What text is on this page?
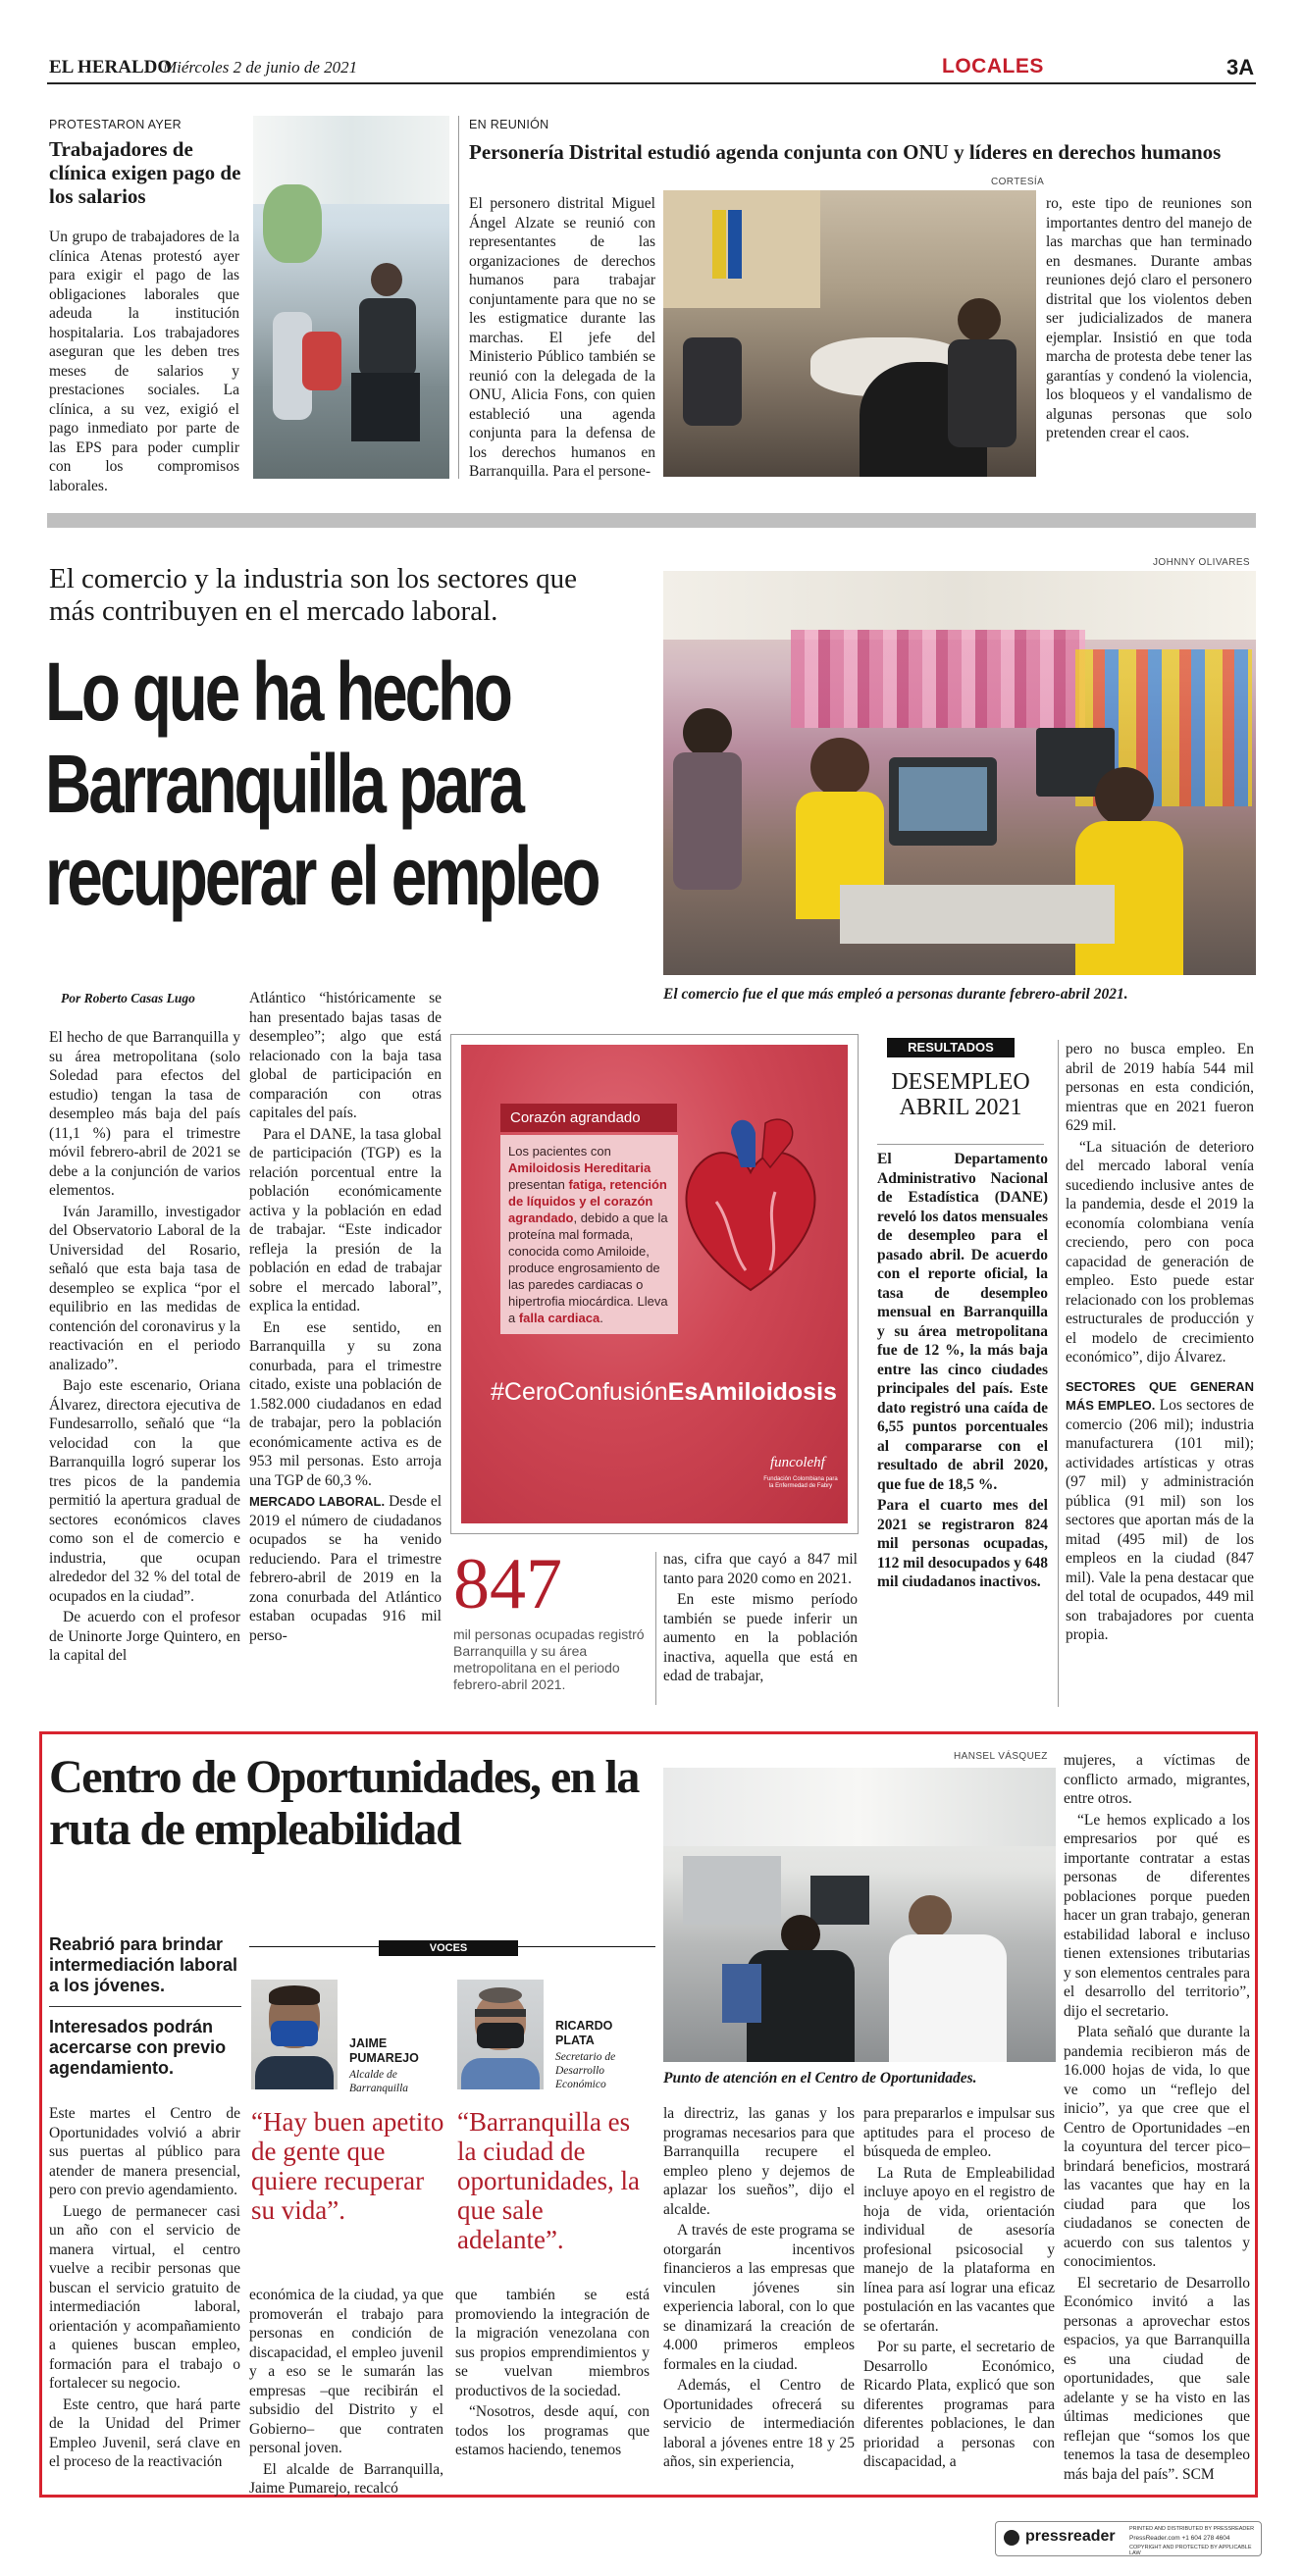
EL HERALDO
Miércoles 2 de junio de 2021	LOCALES	3A
PROTESTARON AYER
Trabajadores de clínica exigen pago de los salarios

Un grupo de trabajadores de la clínica Atenas protestó ayer para exigir el pago de las obligaciones laborales que adeuda la institución hospitalaria. Los trabajadores aseguran que les deben tres meses de salarios y prestaciones sociales. La clínica, a su vez, exigió el pago inmediato por parte de las EPS para poder cumplir con los compromisos laborales.

EN REUNIÓN
Personería Distrital estudió agenda conjunta con ONU y líderes en derechos humanos
CORTESÍA

El personero distrital Miguel Ángel Alzate se reunió con representantes de las organizaciones de derechos humanos para trabajar conjuntamente para que no se les estigmatice durante las marchas. El jefe del Ministerio Público también se reunió con la delegada de la ONU, Alicia Fons, con quien estableció una agenda conjunta para la defensa de los derechos humanos en Barranquilla. Para el persone-

ro, este tipo de reuniones son importantes dentro del manejo de las marchas que han terminado en desmanes. Durante ambas reuniones dejó claro el personero distrital que los violentos deben ser judicializados de manera ejemplar. Insistió en que toda marcha de protesta debe tener las garantías y condenó la violencia, los bloqueos y el vandalismo de algunas personas que solo pretenden crear el caos.

El comercio y la industria son los sectores que más contribuyen en el mercado laboral.
Lo que ha hecho
Barranquilla para
recuperar el empleo
JOHNNY OLIVARES
El comercio fue el que más empleó a personas durante febrero-abril 2021.
Por Roberto Casas Lugo

El hecho de que Barranquilla y su área metropolitana (solo Soledad para efectos del estudio) tengan la tasa de desempleo más baja del país (11,1 %) para el trimestre móvil febrero-abril de 2021 se debe a la conjunción de varios elementos.

Iván Jaramillo, investigador del Observatorio Laboral de la Universidad del Rosario, señaló que esta baja tasa de desempleo se explica “por el equilibrio en las medidas de contención del coronavirus y la reactivación en el periodo analizado”.

Bajo este escenario, Oriana Álvarez, directora ejecutiva de Fundesarrollo, señaló que “la velocidad con la que Barranquilla logró superar los tres picos de la pandemia permitió la apertura gradual de sectores económicos claves como son el de comercio e industria, que ocupan alrededor del 32 % del total de ocupados en la ciudad”.

De acuerdo con el profesor de Uninorte Jorge Quintero, en la capital del

Atlántico “históricamente se han presentado bajas tasas de desempleo”; algo que está relacionado con la baja tasa global de participación en comparación con otras capitales del país.

Para el DANE, la tasa global de participación (TGP) es la relación porcentual entre la población económicamente activa y la población en edad de trabajar. “Este indicador refleja la presión de la población en edad de trabajar sobre el mercado laboral”, explica la entidad.

En ese sentido, en Barranquilla y su zona conurbada, para el trimestre citado, existe una población de 1.582.000 ciudadanos en edad de trabajar, pero la población económicamente activa es de 953 mil personas. Esto arroja una TGP de 60,3 %.

MERCADO LABORAL. Desde el 2019 el número de ciudadanos ocupados se ha venido reduciendo. Para el trimestre febrero-abril de 2019 en la zona conurbada del Atlántico estaban ocupadas 916 mil perso-

Corazón agrandado
Los pacientes con Amiloidosis Hereditaria presentan fatiga, retención de líquidos y el corazón agrandado, debido a que la proteína mal formada, conocida como Amiloide, produce engrosamiento de las paredes cardiacas o hipertrofia miocárdica. Lleva a falla cardiaca.
#CeroConfusiónEsAmiloidosis
funcolehf
Fundación Colombiana para la Enfermedad de Fabry
847
mil personas ocupadas registró Barranquilla y su área metropolitana en el periodo febrero-abril 2021.

nas, cifra que cayó a 847 mil tanto para 2020 como en 2021.

En este mismo período también se puede inferir un aumento en la población inactiva, aquella que está en edad de trabajar,

RESULTADOS
DESEMPLEO ABRIL 2021

El Departamento Administrativo Nacional de Estadística (DANE) reveló los datos mensuales de desempleo para el pasado abril. De acuerdo con el reporte oficial, la tasa de desempleo mensual en Barranquilla y su área metropolitana fue de 12 %, la más baja entre las cinco ciudades principales del país. Este dato registró una caída de 6,55 puntos porcentuales al compararse con el resultado de abril 2020, que fue de 18,5 %.

Para el cuarto mes del 2021 se registraron 824 mil personas ocupadas, 112 mil desocupados y 648 mil ciudadanos inactivos.

pero no busca empleo. En abril de 2019 había 544 mil personas en esta condición, mientras que en 2021 fueron 629 mil.

“La situación de deterioro del mercado laboral venía sucediendo inclusive antes de la pandemia, desde el 2019 la economía colombiana venía creciendo, pero con poca capacidad de generación de empleo. Esto puede estar relacionado con los problemas estructurales de producción y el modelo de crecimiento económico”, dijo Álvarez.

SECTORES QUE GENERAN MÁS EMPLEO. Los sectores de comercio (206 mil); industria manufacturera (101 mil); actividades artísticas y otras (97 mil) y administración pública (91 mil) son los sectores que aportan más de la mitad (495 mil) de los empleos en la ciudad (847 mil). Vale la pena destacar que del total de ocupados, 449 mil son trabajadores por cuenta propia.

Centro de Oportunidades, en la ruta de empleabilidad
HANSEL VÁSQUEZ
Punto de atención en el Centro de Oportunidades.
Reabrió para brindar intermediación laboral a los jóvenes.
Interesados podrán acercarse con previo agendamiento.

Este martes el Centro de Oportunidades volvió a abrir sus puertas al público para atender de manera presencial, pero con previo agendamiento.

Luego de permanecer casi un año con el servicio de manera virtual, el centro vuelve a recibir personas que buscan el servicio gratuito de intermediación laboral, orientación y acompañamiento a quienes buscan empleo, formación para el trabajo o fortalecer su negocio.

Este centro, que hará parte de la Unidad del Primer Empleo Juvenil, será clave en el proceso de la reactivación

VOCES
JAIME PUMAREJO
Alcalde de Barranquilla
“Hay buen apetito de gente que quiere recuperar su vida”.
RICARDO PLATA
Secretario de Desarrollo Económico
“Barranquilla es la ciudad de oportunidades, la que sale adelante”.

económica de la ciudad, ya que promoverán el trabajo para personas en condición de discapacidad, el empleo juvenil y a eso se le sumarán las empresas –que recibirán el subsidio del Distrito y el Gobierno– que contraten personal joven.

El alcalde de Barranquilla, Jaime Pumarejo, recalcó

que también se está promoviendo la integración de la migración venezolana con sus propios emprendimientos y se vuelvan miembros productivos de la sociedad.

“Nosotros, desde aquí, con todos los programas que estamos haciendo, tenemos

la directriz, las ganas y los programas necesarios para que Barranquilla recupere el empleo pleno y dejemos de aplazar los sueños”, dijo el alcalde.

A través de este programa se otorgarán incentivos financieros a las empresas que vinculen jóvenes sin experiencia laboral, con lo que se dinamizará la creación de 4.000 primeros empleos formales en la ciudad.

Además, el Centro de Oportunidades ofrecerá su servicio de intermediación laboral a jóvenes entre 18 y 25 años, sin experiencia,

para prepararlos e impulsar sus aptitudes para el proceso de búsqueda de empleo.

La Ruta de Empleabilidad incluye apoyo en el registro de hoja de vida, orientación individual de asesoría profesional psicosocial y manejo de la plataforma en línea para así lograr una eficaz postulación en las vacantes que se ofertarán.

Por su parte, el secretario de Desarrollo Económico, Ricardo Plata, explicó que son diferentes programas para diferentes poblaciones, le dan prioridad a personas con discapacidad, a

mujeres, a víctimas de conflicto armado, migrantes, entre otros.

“Le hemos explicado a los empresarios por qué es importante contratar a estas personas de diferentes poblaciones porque pueden hacer un gran trabajo, generan estabilidad laboral e incluso tienen extensiones tributarias y son elementos centrales para el desarrollo del territorio”, dijo el secretario.

Plata señaló que durante la pandemia recibieron más de 16.000 hojas de vida, lo que ve como un “reflejo del inicio”, ya que cree que el Centro de Oportunidades –en la coyuntura del tercer pico– brindará beneficios, mostrará las vacantes que hay en la ciudad para que los ciudadanos se conecten de acuerdo con sus talentos y conocimientos.

El secretario de Desarrollo Económico invitó a las personas a aprovechar estos espacios, ya que Barranquilla es una ciudad de oportunidades, que sale adelante y se ha visto en las últimas mediciones que reflejan que “somos los que tenemos la tasa de desempleo más baja del país”. SCM

pressreader	PRINTED AND DISTRIBUTED BY PRESSREADER
PressReader.com +1 604 278 4604
COPYRIGHT AND PROTECTED BY APPLICABLE LAW
